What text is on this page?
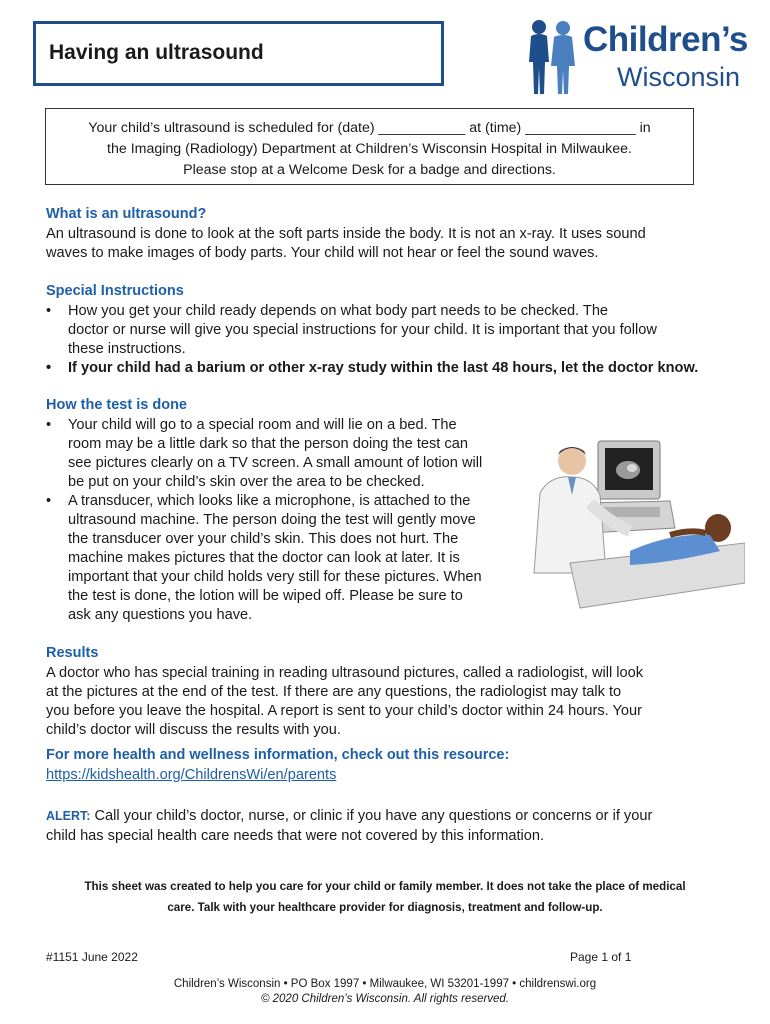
Having an ultrasound	Children’s
Wisconsin
Your child’s ultrasound is scheduled for (date) ___________ at (time) ______________ in
the Imaging (Radiology) Department at Children’s Wisconsin Hospital in Milwaukee.
Please stop at a Welcome Desk for a badge and directions.
What is an ultrasound?
An ultrasound is done to look at the soft parts inside the body. It is not an x-ray. It uses sound
waves to make images of body parts. Your child will not hear or feel the sound waves.
Special Instructions
• How you get your child ready depends on what body part needs to be checked. The
doctor or nurse will give you special instructions for your child. It is important that you follow
these instructions.
• If your child had a barium or other x-ray study within the last 48 hours, let the doctor know.
How the test is done
• Your child will go to a special room and will lie on a bed. The
room may be a little dark so that the person doing the test can
see pictures clearly on a TV screen. A small amount of lotion will
be put on your child’s skin over the area to be checked.
• A transducer, which looks like a microphone, is attached to the
ultrasound machine. The person doing the test will gently move
the transducer over your child’s skin. This does not hurt. The
machine makes pictures that the doctor can look at later. It is
important that your child holds very still for these pictures. When
the test is done, the lotion will be wiped off. Please be sure to
ask any questions you have.
Results
A doctor who has special training in reading ultrasound pictures, called a radiologist, will look
at the pictures at the end of the test. If there are any questions, the radiologist may talk to
you before you leave the hospital. A report is sent to your child’s doctor within 24 hours. Your
child’s doctor will discuss the results with you.
For more health and wellness information, check out this resource:
https://kidshealth.org/ChildrensWi/en/parents
ALERT: Call your child’s doctor, nurse, or clinic if you have any questions or concerns or if your
child has special health care needs that were not covered by this information.
This sheet was created to help you care for your child or family member. It does not take the place of medical
care. Talk with your healthcare provider for diagnosis, treatment and follow-up.
#1151 June 2022	Page 1 of 1
Children’s Wisconsin • PO Box 1997 • Milwaukee, WI 53201-1997 • childrenswi.org
© 2020 Children’s Wisconsin. All rights reserved.
